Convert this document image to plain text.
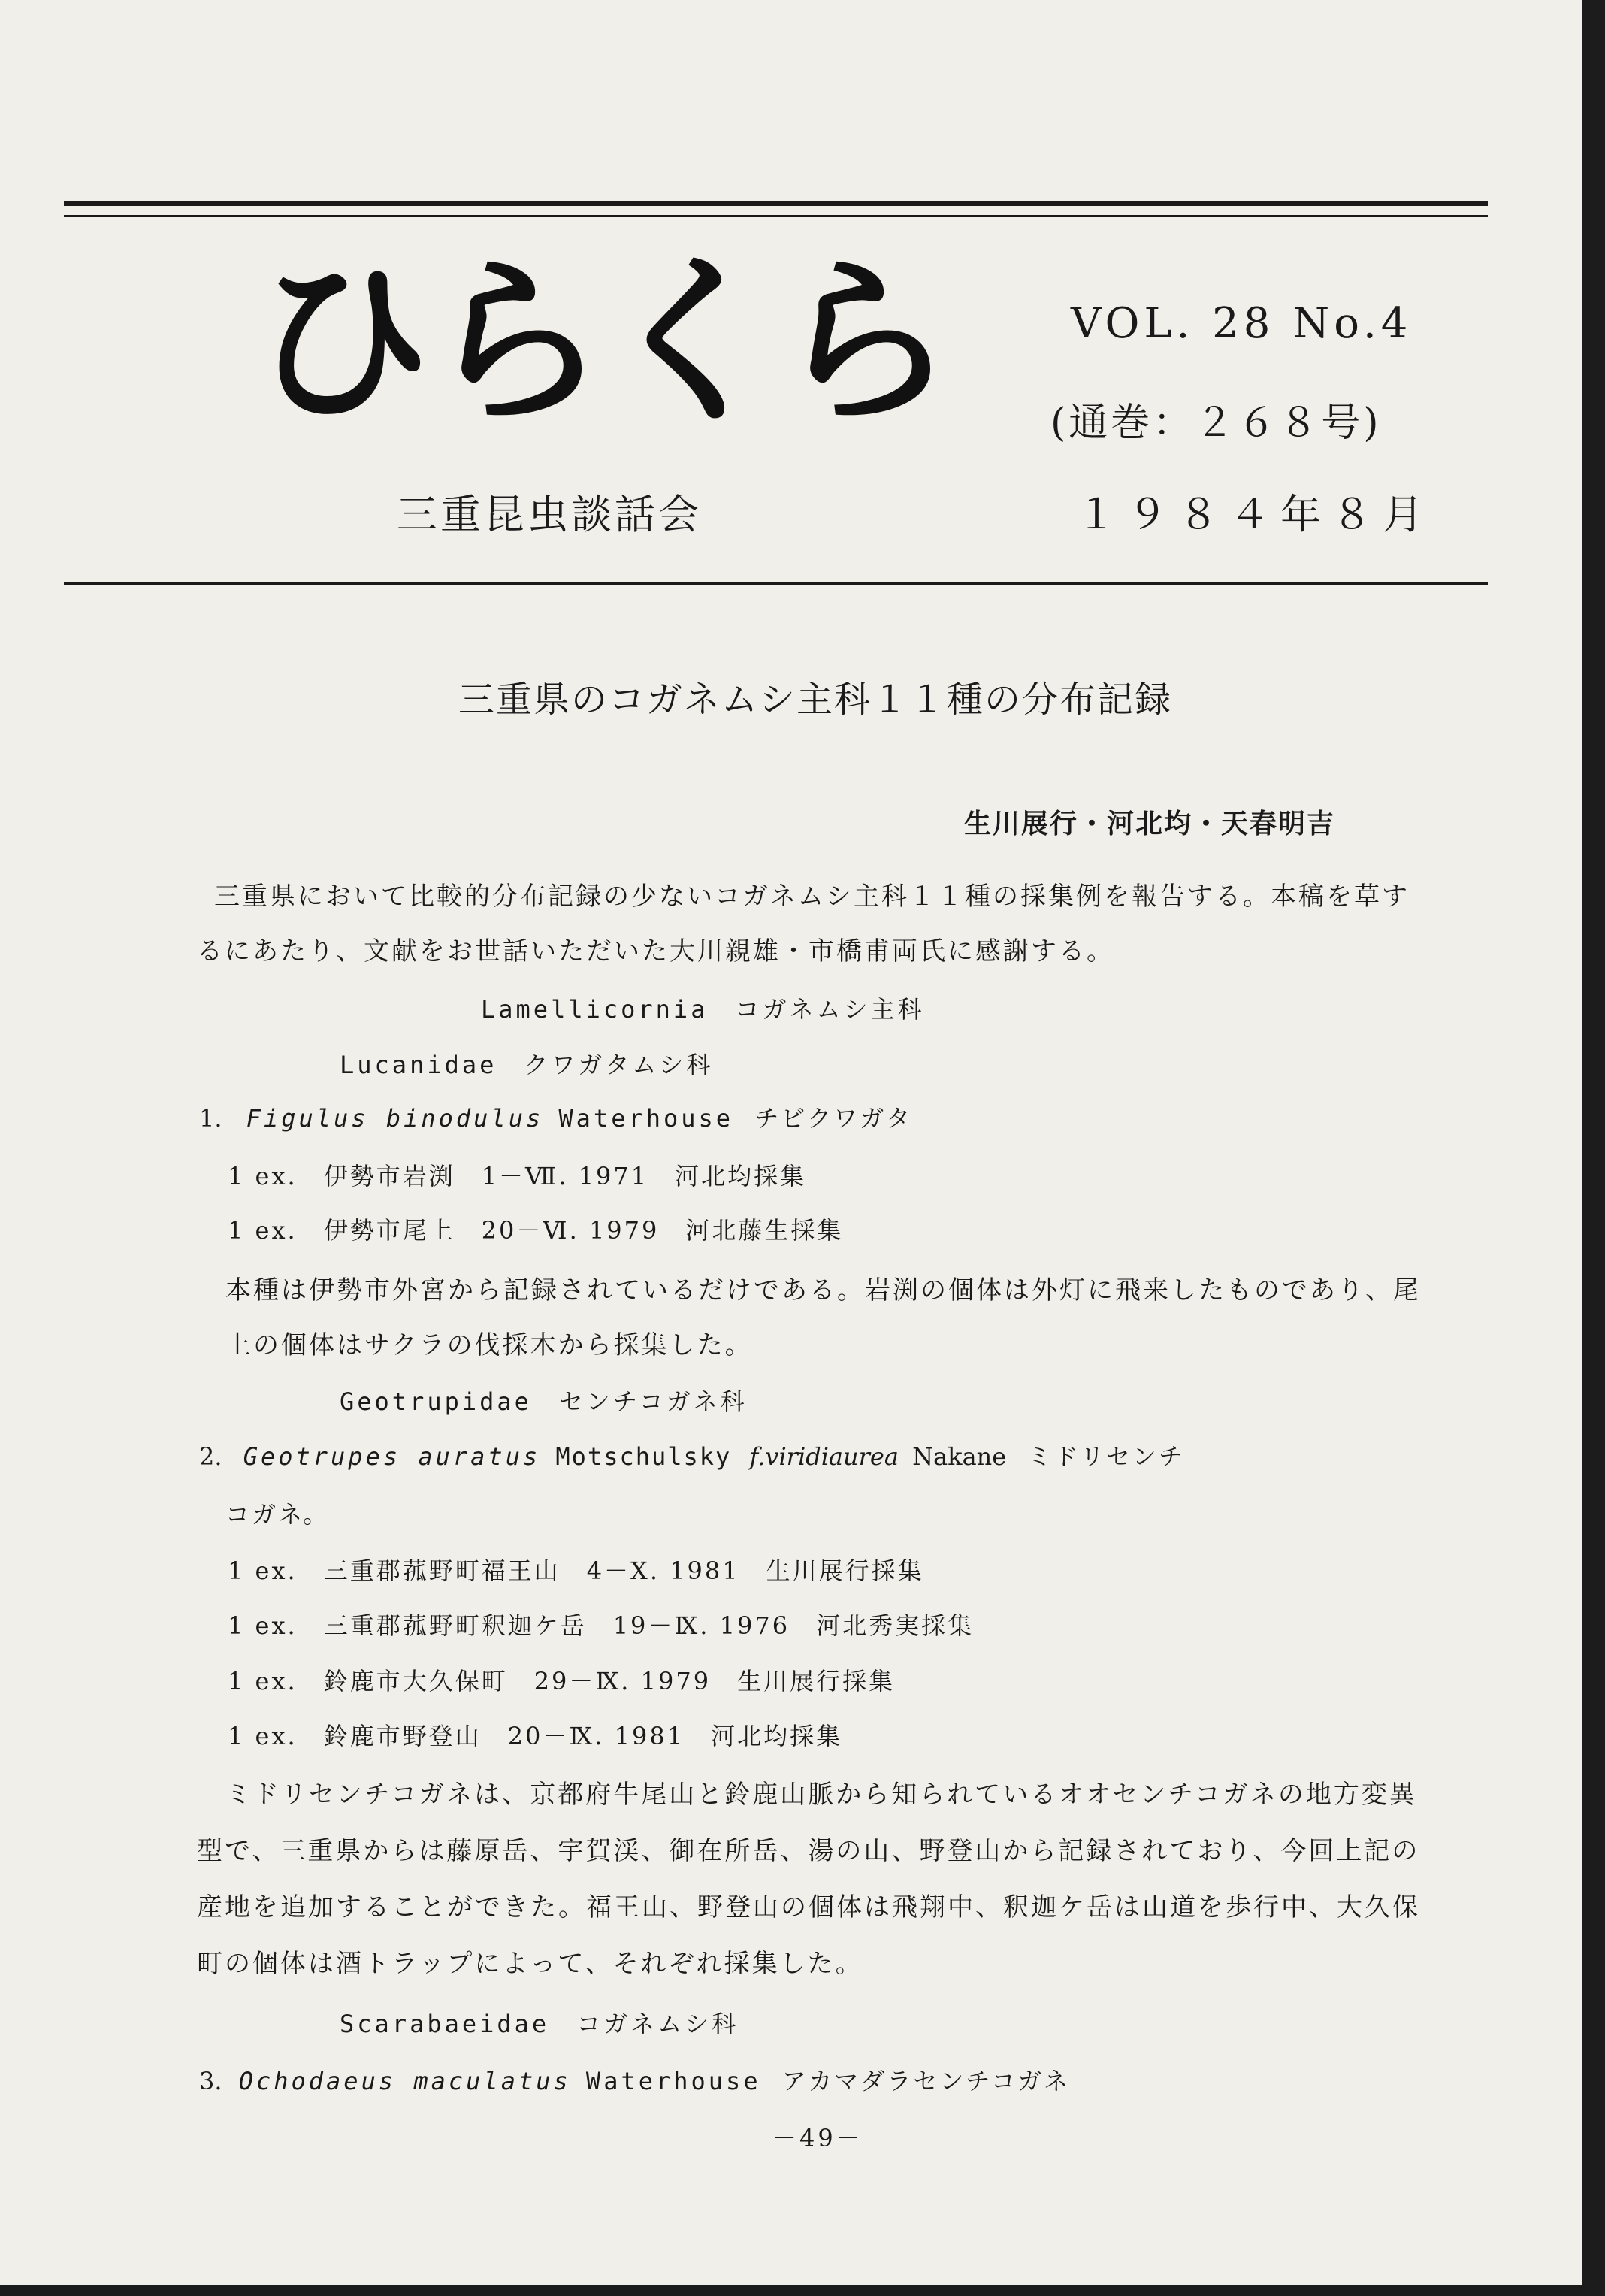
ひらくら	VOL. 28 No.4
(通巻：２６８号)
三重昆虫談話会	１９８４年８月
三重県のコガネムシ主科１１種の分布記録
生川展行・河北均・天春明吉
三重県において比較的分布記録の少ないコガネムシ主科１１種の採集例を報告する。本稿を草す
るにあたり、文献をお世話いただいた大川親雄・市橋甫両氏に感謝する。
Lamellicornia　コガネムシ主科
Lucanidae　クワガタムシ科
1. Figulus binodulus Waterhouse チビクワガタ
1 ex.　伊勢市岩渕　1－Ⅶ. 1971　河北均採集
1 ex.　伊勢市尾上　20－Ⅵ. 1979　河北藤生採集
本種は伊勢市外宮から記録されているだけである。岩渕の個体は外灯に飛来したものであり、尾
上の個体はサクラの伐採木から採集した。
Geotrupidae　センチコガネ科
2. Geotrupes auratus Motschulsky f.viridiaurea Nakane ミドリセンチ
コガネ。
1 ex.　三重郡菰野町福王山　4－Ⅹ. 1981　生川展行採集
1 ex.　三重郡菰野町釈迦ケ岳　19－Ⅸ. 1976　河北秀実採集
1 ex.　鈴鹿市大久保町　29－Ⅸ. 1979　生川展行採集
1 ex.　鈴鹿市野登山　20－Ⅸ. 1981　河北均採集
ミドリセンチコガネは、京都府牛尾山と鈴鹿山脈から知られているオオセンチコガネの地方変異
型で、三重県からは藤原岳、宇賀渓、御在所岳、湯の山、野登山から記録されており、今回上記の
産地を追加することができた。福王山、野登山の個体は飛翔中、釈迦ケ岳は山道を歩行中、大久保
町の個体は酒トラップによって、それぞれ採集した。
Scarabaeidae　コガネムシ科
3. Ochodaeus maculatus Waterhouse アカマダラセンチコガネ
－49－
